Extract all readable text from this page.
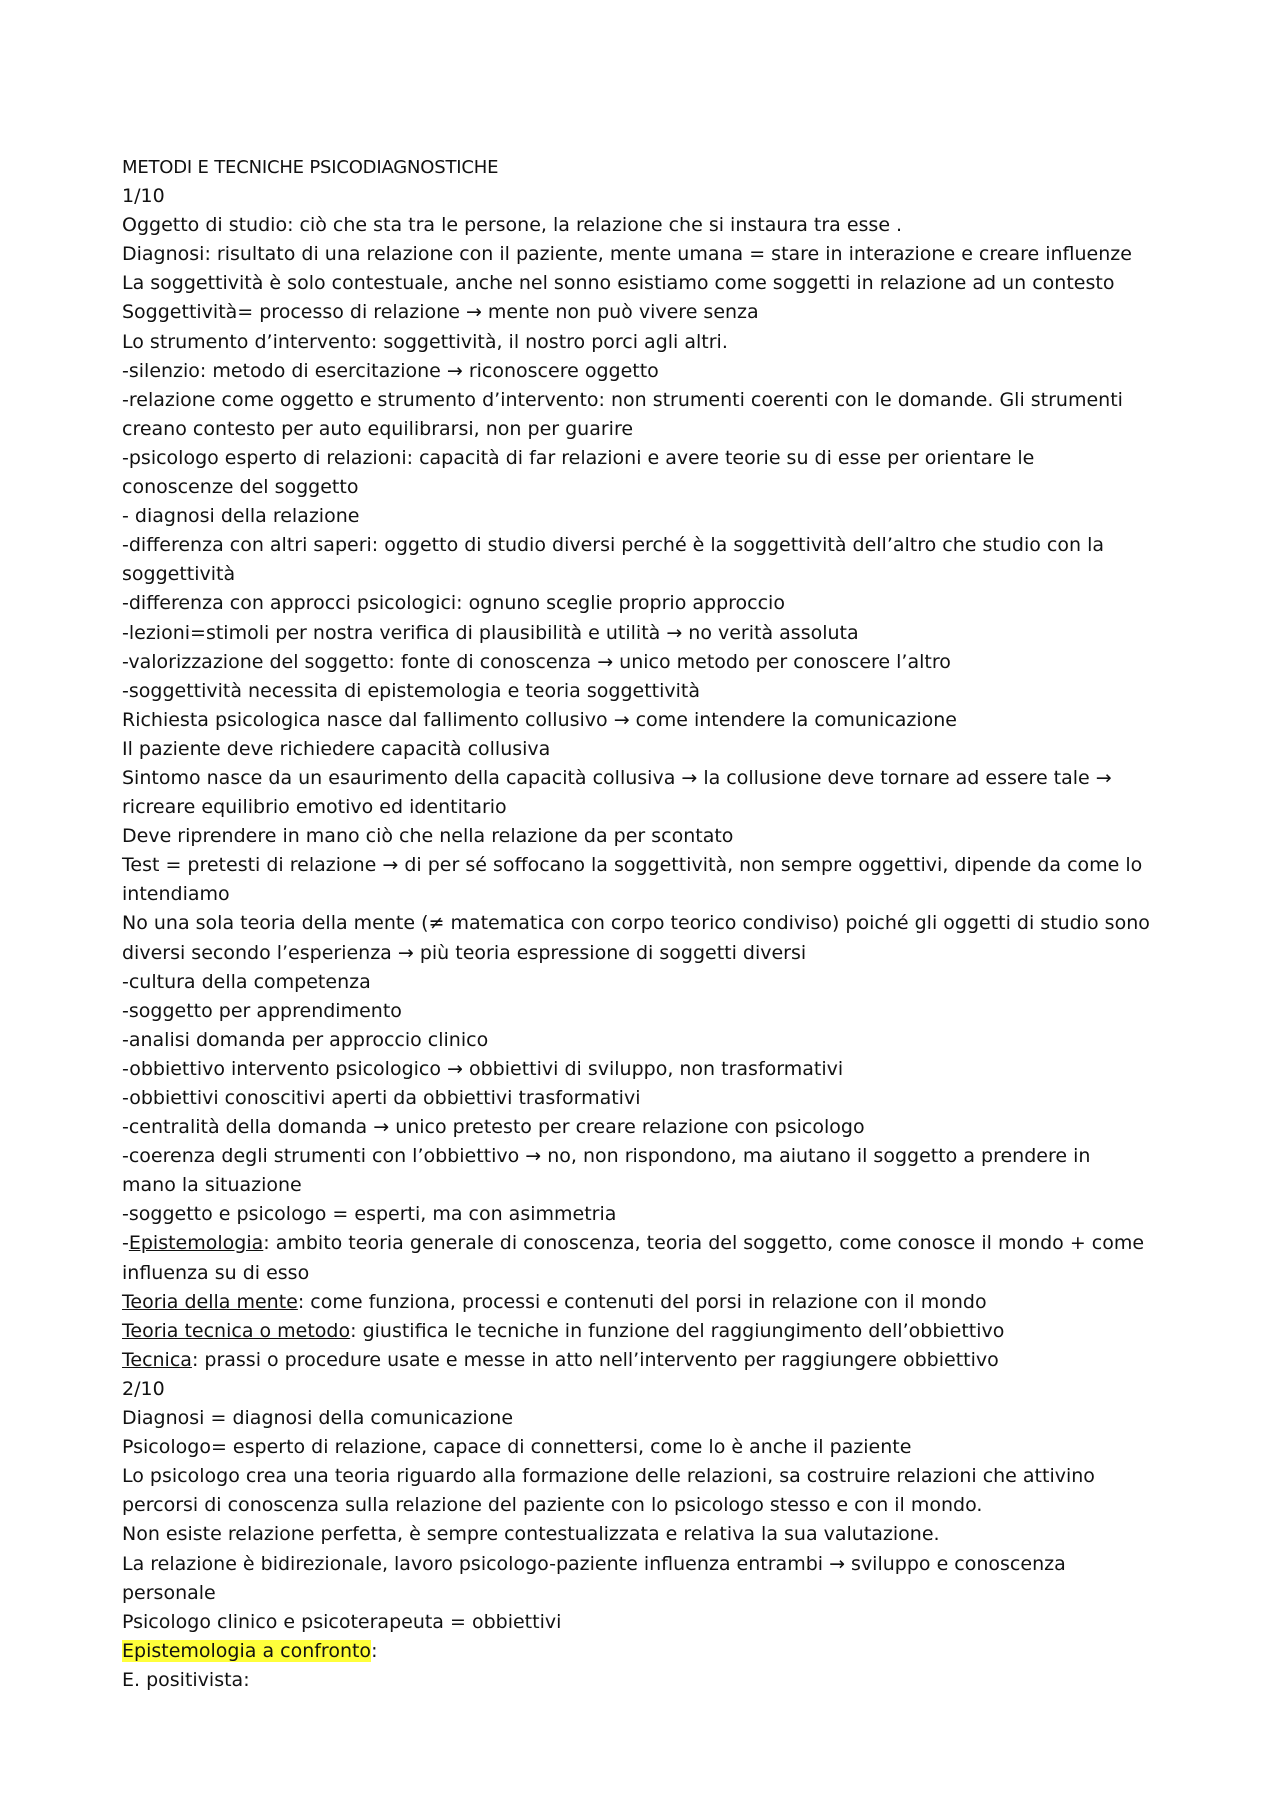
METODI E TECNICHE PSICODIAGNOSTICHE

1/10

Oggetto di studio: ciò che sta tra le persone, la relazione che si instaura tra esse .

Diagnosi: risultato di una relazione con il paziente, mente umana = stare in interazione e creare influenze

La soggettività è solo contestuale, anche nel sonno esistiamo come soggetti in relazione ad un contesto

Soggettività= processo di relazione → mente non può vivere senza

Lo strumento d’intervento: soggettività, il nostro porci agli altri.

-silenzio: metodo di esercitazione → riconoscere oggetto

-relazione come oggetto e strumento d’intervento: non strumenti coerenti con le domande. Gli strumenti

creano contesto per auto equilibrarsi, non per guarire

-psicologo esperto di relazioni: capacità di far relazioni e avere teorie su di esse per orientare le

conoscenze del soggetto

- diagnosi della relazione

-differenza con altri saperi: oggetto di studio diversi perché è la soggettività dell’altro che studio con la

soggettività

-differenza con approcci psicologici: ognuno sceglie proprio approccio

-lezioni=stimoli per nostra verifica di plausibilità e utilità → no verità assoluta

-valorizzazione del soggetto: fonte di conoscenza → unico metodo per conoscere l’altro

-soggettività necessita di epistemologia e teoria soggettività

Richiesta psicologica nasce dal fallimento collusivo → come intendere la comunicazione

Il paziente deve richiedere capacità collusiva

Sintomo nasce da un esaurimento della capacità collusiva → la collusione deve tornare ad essere tale →

ricreare equilibrio emotivo ed identitario

Deve riprendere in mano ciò che nella relazione da per scontato

Test = pretesti di relazione → di per sé soffocano la soggettività, non sempre oggettivi, dipende da come lo

intendiamo

No una sola teoria della mente (≠ matematica con corpo teorico condiviso) poiché gli oggetti di studio sono

diversi secondo l’esperienza → più teoria espressione di soggetti diversi

-cultura della competenza

-soggetto per apprendimento

-analisi domanda per approccio clinico

-obbiettivo intervento psicologico → obbiettivi di sviluppo, non trasformativi

-obbiettivi conoscitivi aperti da obbiettivi trasformativi

-centralità della domanda → unico pretesto per creare relazione con psicologo

-coerenza degli strumenti con l’obbiettivo → no, non rispondono, ma aiutano il soggetto a prendere in

mano la situazione

-soggetto e psicologo = esperti, ma con asimmetria

-Epistemologia: ambito teoria generale di conoscenza, teoria del soggetto, come conosce il mondo + come

influenza su di esso

Teoria della mente: come funziona, processi e contenuti del porsi in relazione con il mondo

Teoria tecnica o metodo: giustifica le tecniche in funzione del raggiungimento dell’obbiettivo

Tecnica: prassi o procedure usate e messe in atto nell’intervento per raggiungere obbiettivo

2/10

Diagnosi = diagnosi della comunicazione

Psicologo= esperto di relazione, capace di connettersi, come lo è anche il paziente

Lo psicologo crea una teoria riguardo alla formazione delle relazioni, sa costruire relazioni che attivino

percorsi di conoscenza sulla relazione del paziente con lo psicologo stesso e con il mondo.

Non esiste relazione perfetta, è sempre contestualizzata e relativa la sua valutazione.

La relazione è bidirezionale, lavoro psicologo-paziente influenza entrambi → sviluppo e conoscenza

personale

Psicologo clinico e psicoterapeuta = obbiettivi

Epistemologia a confronto:

E. positivista:
